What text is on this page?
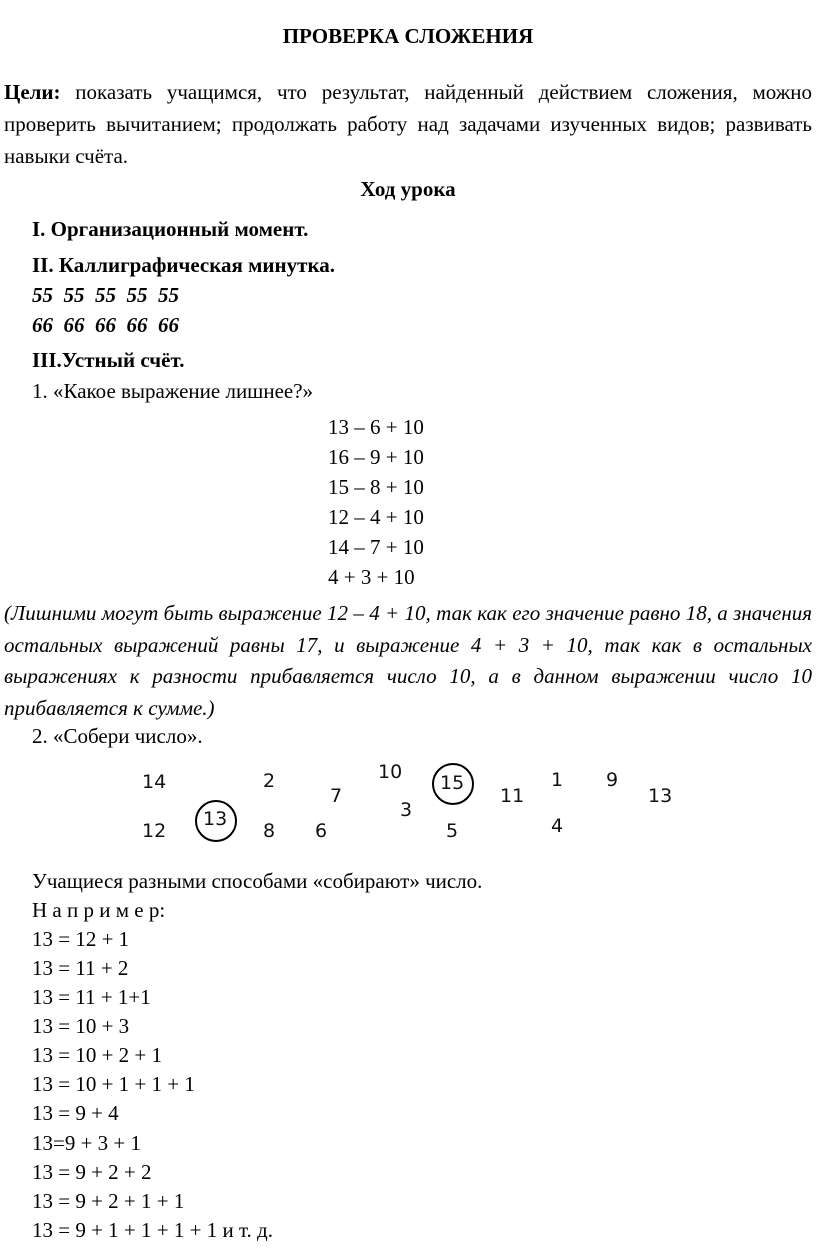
ПРОВЕРКА СЛОЖЕНИЯ
Цели: показать учащимся, что результат, найденный действием сложения, можно проверить вычитанием; продолжать работу над задачами изученных видов; развивать навыки счёта.
Ход урока
I. Организационный момент.
II. Каллиграфическая минутка.
55  55  55  55  55
66  66  66  66  66
III.Устный счёт.
1. «Какое выражение лишнее?»
13 – 6 + 10
16 – 9 + 10
15 – 8 + 10
12 – 4 + 10
14 – 7 + 10
4 + 3 + 10
(Лишними могут быть выражение 12 – 4 + 10, так как его значение равно 18, а значения остальных выражений равны 17, и выражение 4 + 3 + 10, так как в остальных выражениях к разности прибавляется число 10, а в данном выражении число 10 прибавляется к сумме.)
2. «Собери число».
14
12
13
2
8 6
7
10
3
15
5
11
1
4
9
13
Учащиеся разными способами «собирают» число.
Н а п р и м е р:
13 = 12 + 1
13 = 11 + 2
13 = 11 + 1+1
13 = 10 + 3
13 = 10 + 2 + 1
13 = 10 + 1 + 1 + 1
13 = 9 + 4
13=9 + 3 + 1
13 = 9 + 2 + 2
13 = 9 + 2 + 1 + 1
13 = 9 + 1 + 1 + 1 + 1 и т. д.
